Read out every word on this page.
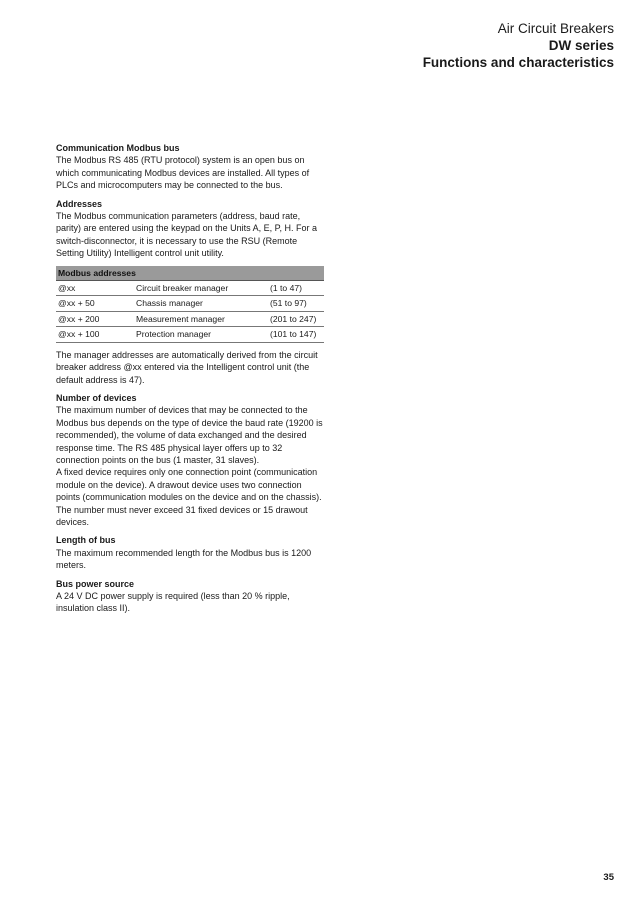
Air Circuit Breakers
DW series
Functions and characteristics
Communication Modbus bus

The Modbus RS 485 (RTU protocol) system is an open bus on which communicating Modbus devices are installed. All types of PLCs and microcomputers may be connected to the bus.

Addresses

The Modbus communication parameters (address, baud rate, parity) are entered using the keypad on the Units A, E, P, H. For a switch-disconnector, it is necessary to use the RSU (Remote Setting Utility) Intelligent control unit utility.

Modbus addresses		
@xx	Circuit breaker manager	(1 to 47)
@xx + 50	Chassis manager	(51 to 97)
@xx + 200	Measurement manager	(201 to 247)
@xx + 100	Protection manager	(101 to 147)

The manager addresses are automatically derived from the circuit breaker address @xx entered via the Intelligent control unit (the default address is 47).

Number of devices

The maximum number of devices that may be connected to the Modbus bus depends on the type of device the baud rate (19200 is recommended), the volume of data exchanged and the desired response time. The RS 485 physical layer offers up to 32 connection points on the bus (1 master, 31 slaves).

A fixed device requires only one connection point (communication module on the device). A drawout device uses two connection points (communication modules on the device and on the chassis).

The number must never exceed 31 fixed devices or 15 drawout devices.

Length of bus

The maximum recommended length for the Modbus bus is 1200 meters.

Bus power source

A 24 V DC power supply is required (less than 20 % ripple, insulation class II).

35
